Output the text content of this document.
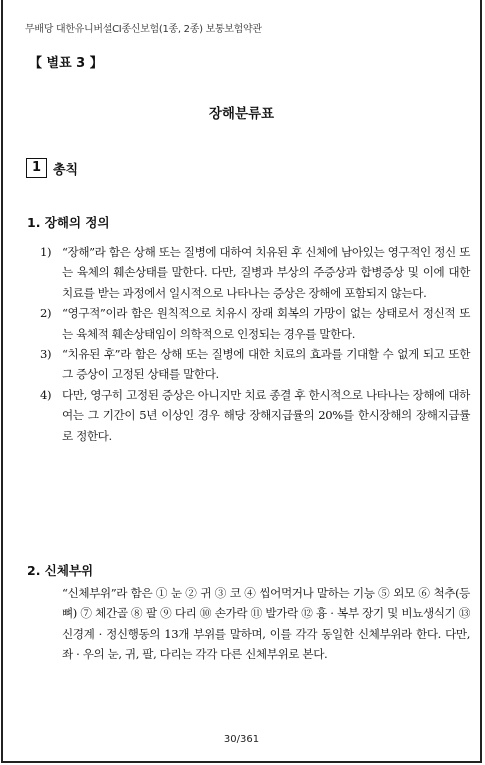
무배당 대한유니버셜CI종신보험(1종, 2종) 보통보험약관
【 별표 3 】
장해분류표
1 총칙
1. 장해의 정의
1) “장해”라 함은 상해 또는 질병에 대하여 치유된 후 신체에 남아있는 영구적인 정신 또는 육체의 훼손상태를 말한다. 다만, 질병과 부상의 주증상과 합병증상 및 이에 대한 치료를 받는 과정에서 일시적으로 나타나는 증상은 장해에 포함되지 않는다.
2) “영구적”이라 함은 원칙적으로 치유시 장래 회복의 가망이 없는 상태로서 정신적 또는 육체적 훼손상태임이 의학적으로 인정되는 경우를 말한다.
3) “치유된 후”라 함은 상해 또는 질병에 대한 치료의 효과를 기대할 수 없게 되고 또한 그 증상이 고정된 상태를 말한다.
4) 다만, 영구히 고정된 증상은 아니지만 치료 종결 후 한시적으로 나타나는 장해에 대하여는 그 기간이 5년 이상인 경우 해당 장해지급률의 20%를 한시장해의 장해지급률로 정한다.
2. 신체부위
“신체부위”라 함은 ① 눈 ② 귀 ③ 코 ④ 씹어먹거나 말하는 기능 ⑤ 외모 ⑥ 척추(등뼈) ⑦ 체간골 ⑧ 팔 ⑨ 다리 ⑩ 손가락 ⑪ 발가락 ⑫ 흉 · 복부 장기 및 비뇨생식기 ⑬ 신경계 · 정신행동의 13개 부위를 말하며, 이를 각각 동일한 신체부위라 한다. 다만, 좌 · 우의 눈, 귀, 팔, 다리는 각각 다른 신체부위로 본다.
30/361
